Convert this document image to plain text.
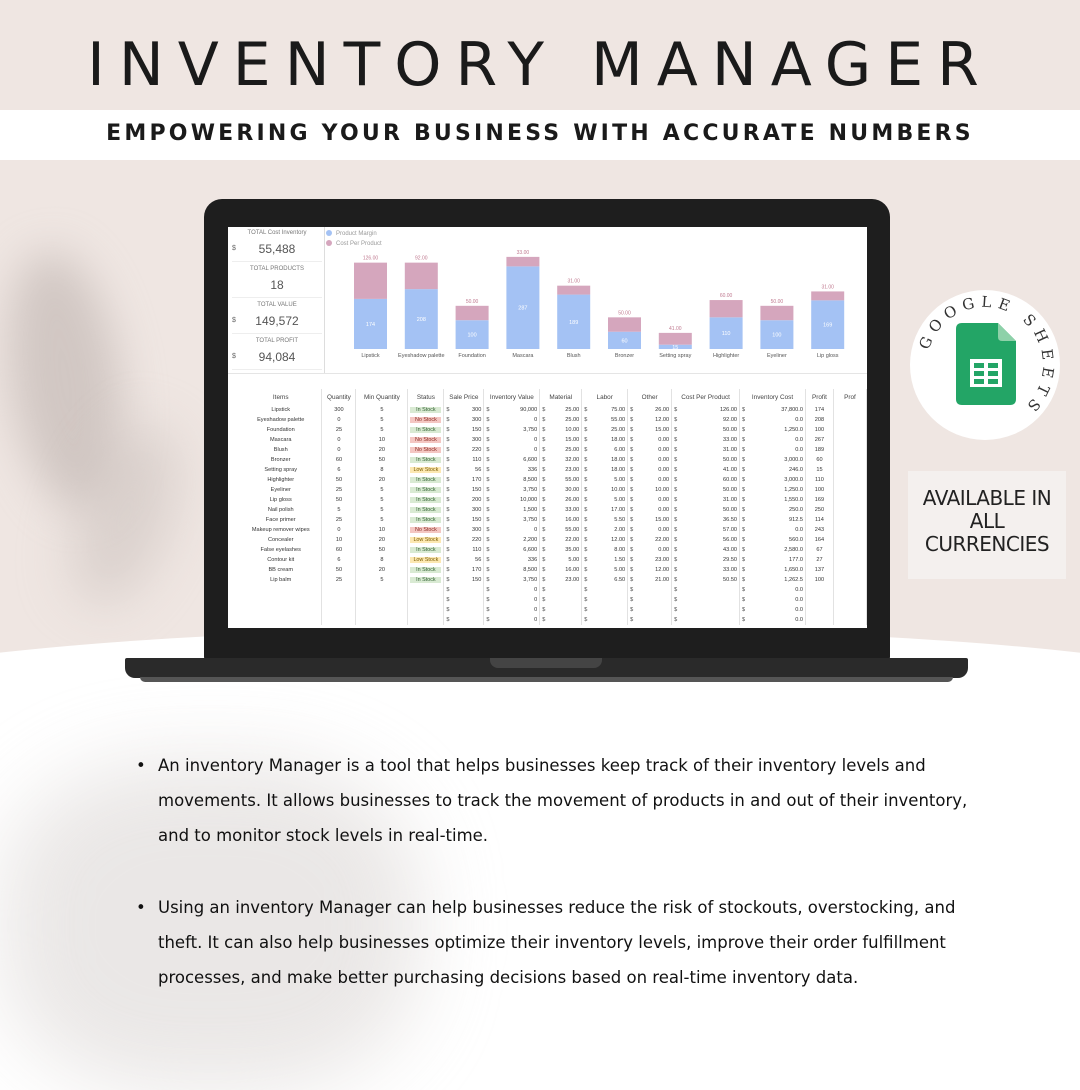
INVENTORY MANAGER
EMPOWERING YOUR BUSINESS WITH ACCURATE NUMBERS
TOTAL Cost Inventory
$	55,488
TOTAL PRODUCTS
18
TOTAL VALUE
$	149,572
TOTAL PROFIT
$	94,084
174
126.00
Lipstick
208
92.00
Eyeshadow palette
100
50.00
Foundation
287
33.00
Mascara
189
31.00
Blush
60
50.00
Bronzer
15
41.00
Setting spray
110
60.00
Highlighter
100
50.00
Eyeliner
169
31.00
Lip gloss
Product Margin
Cost Per Product
Items	Quantity	Min Quantity	Status	Sale Price	Inventory Value	Material	Labor	Other	Cost Per Product	Inventory Cost	Profit	Prof
Lipstick	300	5	In Stock	$ 300	$ 90,000	$ 25.00	$ 75.00	$ 26.00	$ 126.00	$ 37,800.0	174	
Eyeshadow palette	0	5	No Stock	$ 300	$ 0	$ 25.00	$ 55.00	$ 12.00	$ 92.00	$ 0.0	208	
Foundation	25	5	In Stock	$ 150	$ 3,750	$ 10.00	$ 25.00	$ 15.00	$ 50.00	$ 1,250.0	100	
Mascara	0	10	No Stock	$ 300	$ 0	$ 15.00	$ 18.00	$ 0.00	$ 33.00	$ 0.0	267	
Blush	0	20	No Stock	$ 220	$ 0	$ 25.00	$ 6.00	$ 0.00	$ 31.00	$ 0.0	189	
Bronzer	60	50	In Stock	$ 110	$ 6,600	$ 32.00	$ 18.00	$ 0.00	$ 50.00	$ 3,000.0	60	
Setting spray	6	8	Low Stock	$ 56	$ 336	$ 23.00	$ 18.00	$ 0.00	$ 41.00	$ 246.0	15	
Highlighter	50	20	In Stock	$ 170	$ 8,500	$ 55.00	$ 5.00	$ 0.00	$ 60.00	$ 3,000.0	110	
Eyeliner	25	5	In Stock	$ 150	$ 3,750	$ 30.00	$ 10.00	$ 10.00	$ 50.00	$ 1,250.0	100	
Lip gloss	50	5	In Stock	$ 200	$ 10,000	$ 26.00	$ 5.00	$ 0.00	$ 31.00	$ 1,550.0	169	
Nail polish	5	5	In Stock	$ 300	$ 1,500	$ 33.00	$ 17.00	$ 0.00	$ 50.00	$ 250.0	250	
Face primer	25	5	In Stock	$ 150	$ 3,750	$ 16.00	$ 5.50	$ 15.00	$ 36.50	$ 912.5	114	
Makeup remover wipes	0	10	No Stock	$ 300	$ 0	$ 55.00	$ 2.00	$ 0.00	$ 57.00	$ 0.0	243	
Concealer	10	20	Low Stock	$ 220	$ 2,200	$ 22.00	$ 12.00	$ 22.00	$ 56.00	$ 560.0	164	
False eyelashes	60	50	In Stock	$ 110	$ 6,600	$ 35.00	$ 8.00	$ 0.00	$ 43.00	$ 2,580.0	67	
Contour kit	6	8	Low Stock	$ 56	$ 336	$ 5.00	$ 1.50	$ 23.00	$ 29.50	$ 177.0	27	
BB cream	50	20	In Stock	$ 170	$ 8,500	$ 16.00	$ 5.00	$ 12.00	$ 33.00	$ 1,650.0	137	
Lip balm	25	5	In Stock	$ 150	$ 3,750	$ 23.00	$ 6.50	$ 21.00	$ 50.50	$ 1,262.5	100	

				$	$ 0	$	$	$	$	$ 0.0		

				$	$ 0	$	$	$	$	$ 0.0		

				$	$ 0	$	$	$	$	$ 0.0		

				$	$ 0	$	$	$	$	$ 0.0		
GOOGLE SHEETS
AVAILABLE IN ALL CURRENCIES
• An inventory Manager is a tool that helps businesses keep track of their inventory levels and movements. It allows businesses to track the movement of products in and out of their inventory, and to monitor stock levels in real-time.
• Using an inventory Manager can help businesses reduce the risk of stockouts, overstocking, and theft. It can also help businesses optimize their inventory levels, improve their order fulfillment processes, and make better purchasing decisions based on real-time inventory data.
